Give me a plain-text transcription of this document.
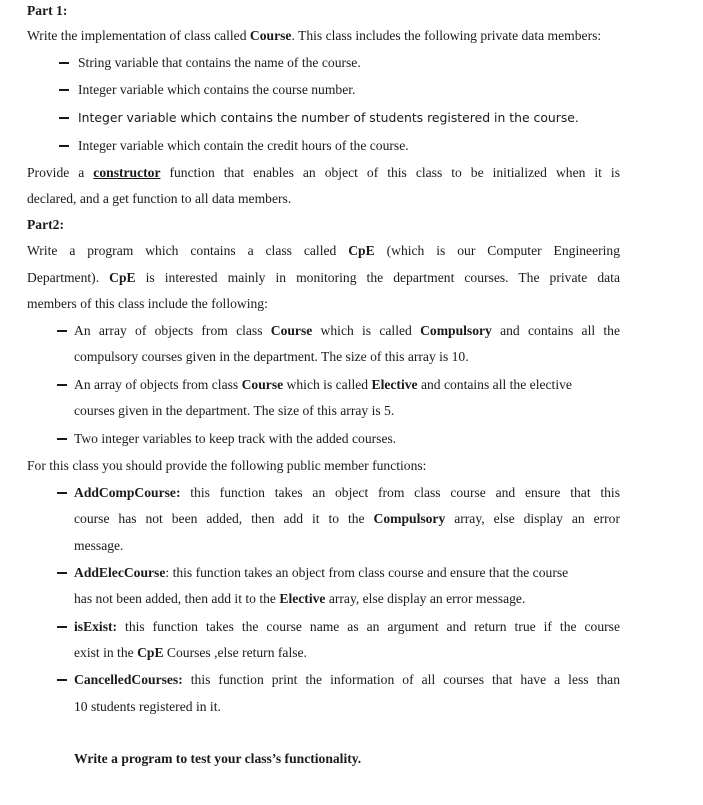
Part 1:
Write the implementation of class called Course. This class includes the following private data members:
String variable that contains the name of the course.
Integer variable which contains the course number.
Integer variable which contains the number of students registered in the course.
Integer variable which contain the credit hours of the course.
Provide a constructor function that enables an object of this class to be initialized when it is
declared, and a get function to all data members.
Part2:
Write a program which contains a class called CpE (which is our Computer Engineering
Department). CpE is interested mainly in monitoring the department courses. The private data
members of this class include the following:
An array of objects from class Course which is called Compulsory and contains all the
compulsory courses given in the department. The size of this array is 10.
An array of objects from class Course which is called Elective and contains all the elective
courses given in the department. The size of this array is 5.
Two integer variables to keep track with the added courses.
For this class you should provide the following public member functions:
AddCompCourse: this function takes an object from class course and ensure that this
course has not been added, then add it to the Compulsory array, else display an error
message.
AddElecCourse: this function takes an object from class course and ensure that the course
has not been added, then add it to the Elective array, else display an error message.
isExist: this function takes the course name as an argument and return true if the course
exist in the CpE Courses ,else return false.
CancelledCourses: this function print the information of all courses that have a less than
10 students registered in it.
Write a program to test your class’s functionality.
